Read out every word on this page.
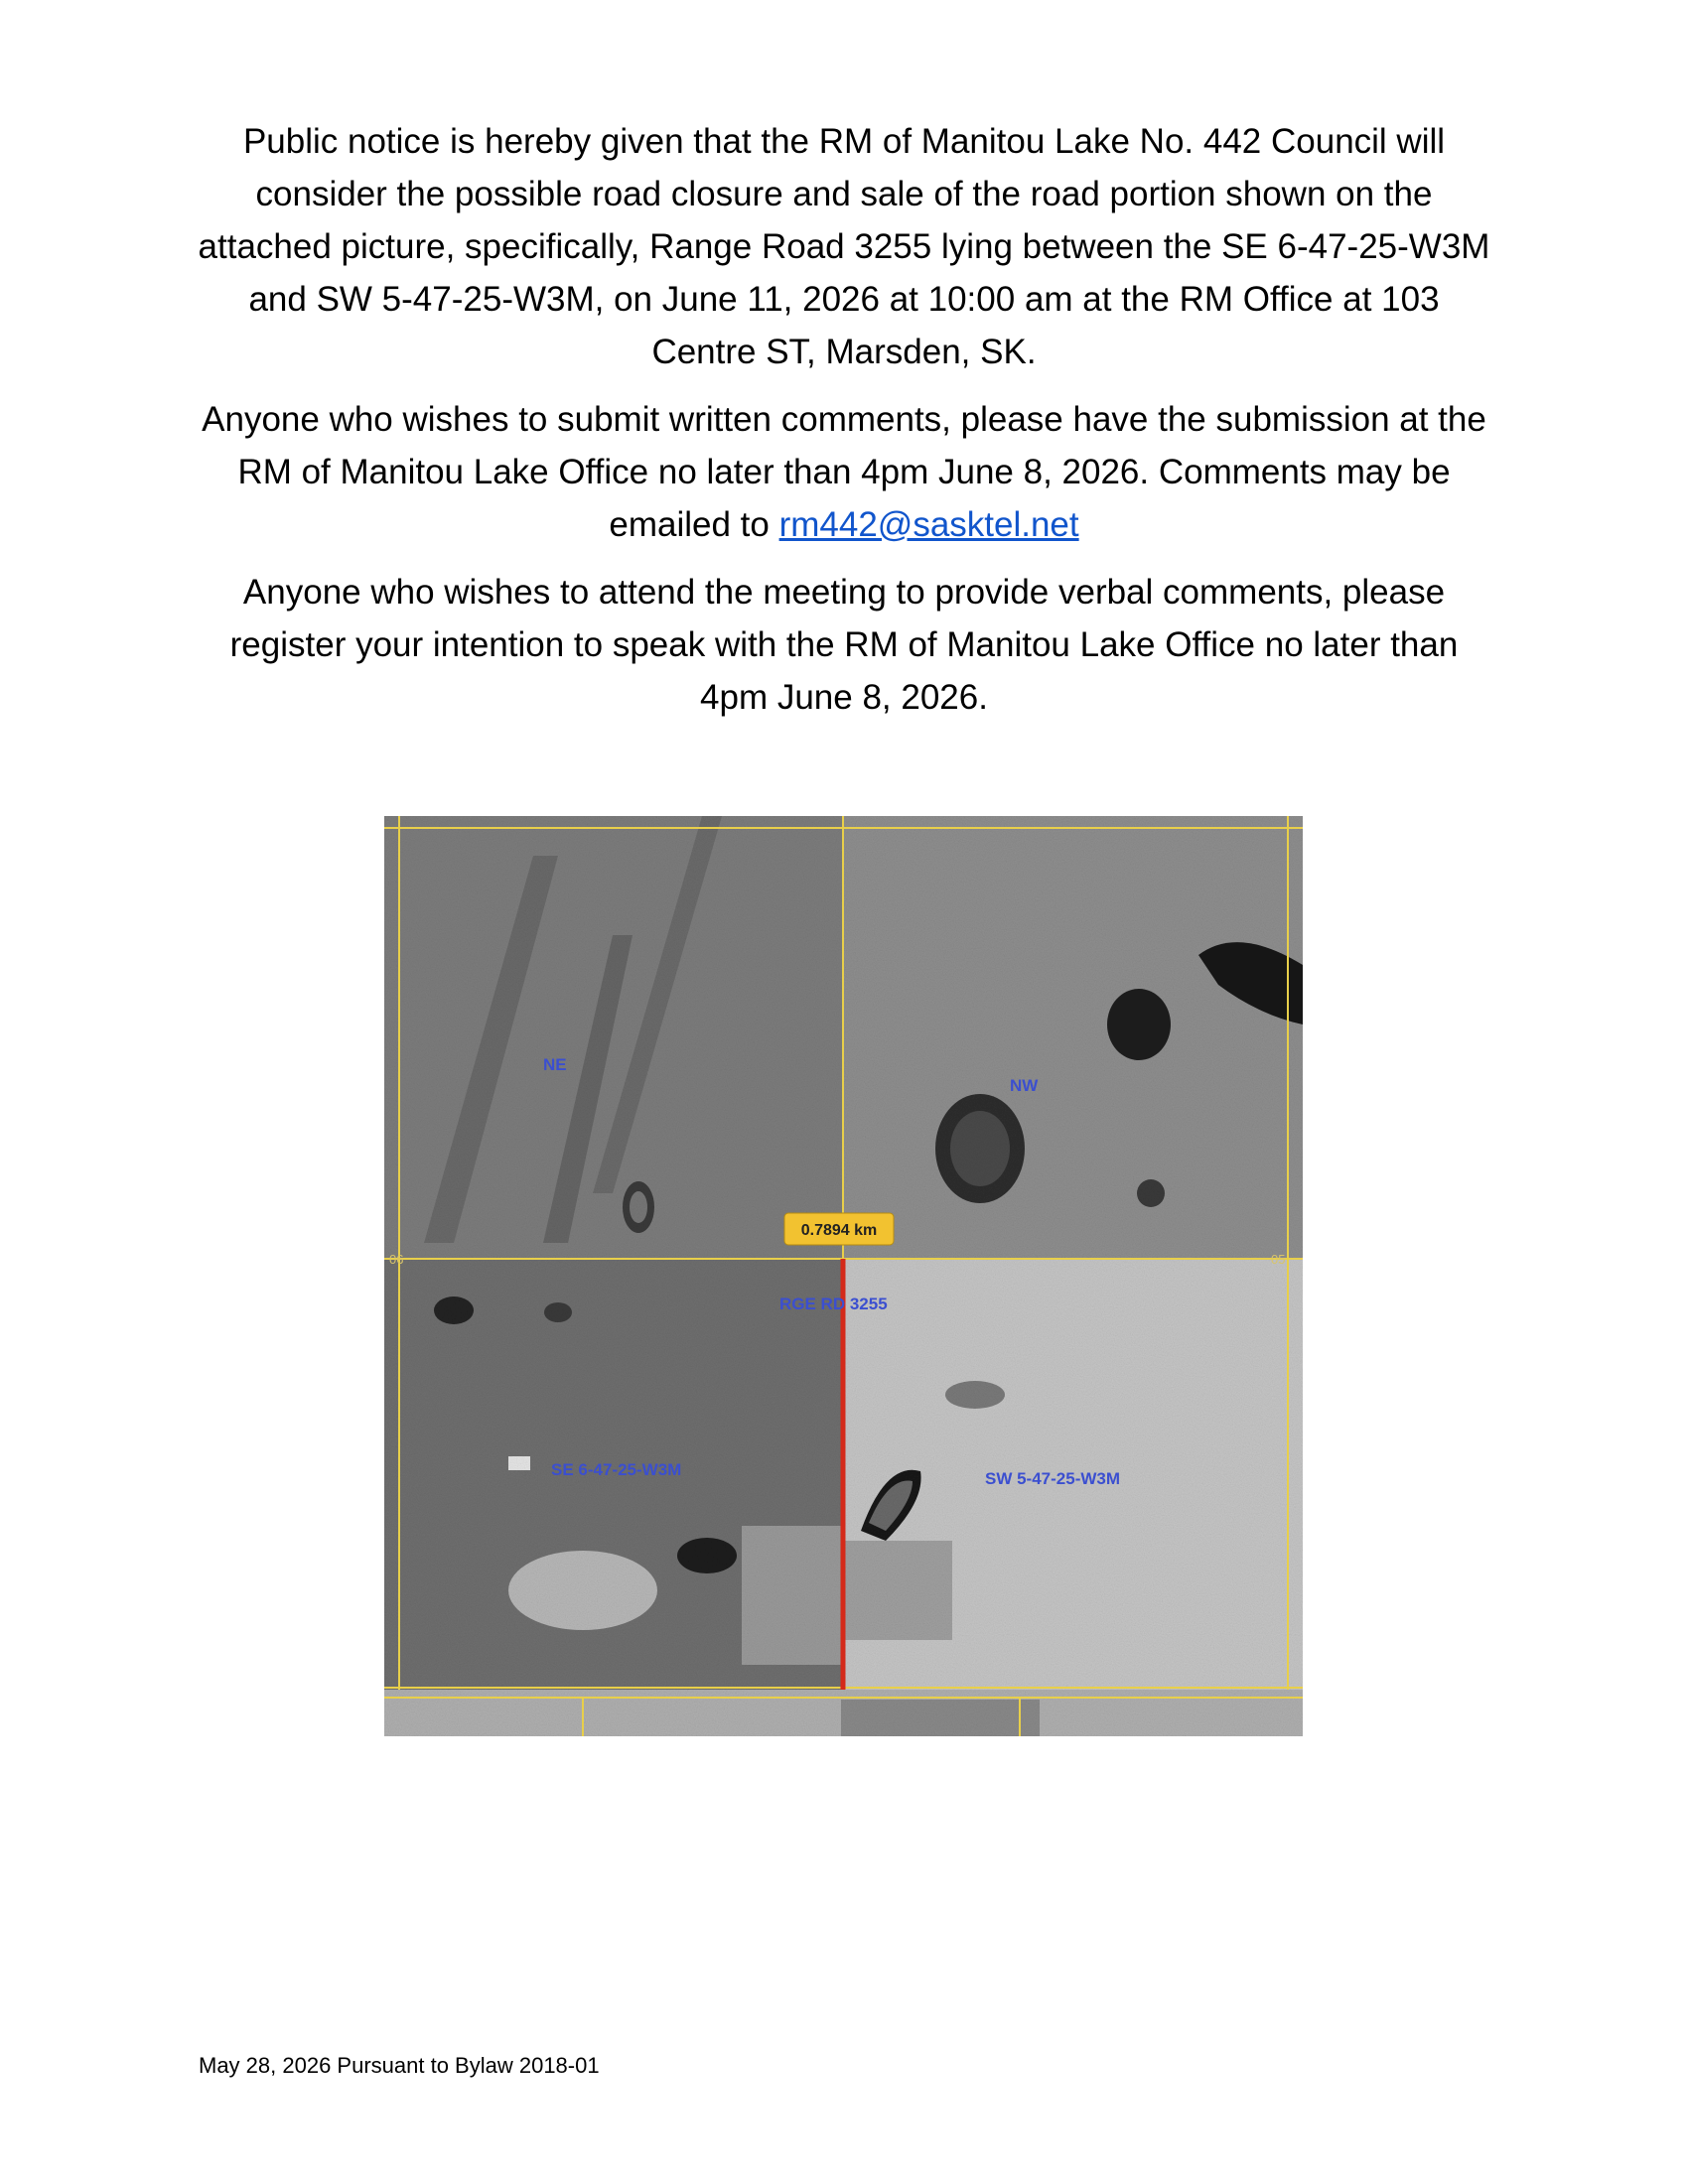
Public notice is hereby given that the RM of Manitou Lake No. 442 Council will consider the possible road closure and sale of the road portion shown on the attached picture, specifically, Range Road 3255 lying between the SE 6-47-25-W3M and SW 5-47-25-W3M, on June 11, 2026 at 10:00 am at the RM Office at 103 Centre ST, Marsden, SK.

Anyone who wishes to submit written comments, please have the submission at the RM of Manitou Lake Office no later than 4pm June 8, 2026. Comments may be emailed to rm442@sasktel.net

Anyone who wishes to attend the meeting to provide verbal comments, please register your intention to speak with the RM of Manitou Lake Office no later than 4pm June 8, 2026.

0.7894 km
06	05
NE
NW
RGE RD 3255
SE 6-47-25-W3M	SW 5-47-25-W3M
May 28, 2026 Pursuant to Bylaw 2018-01
